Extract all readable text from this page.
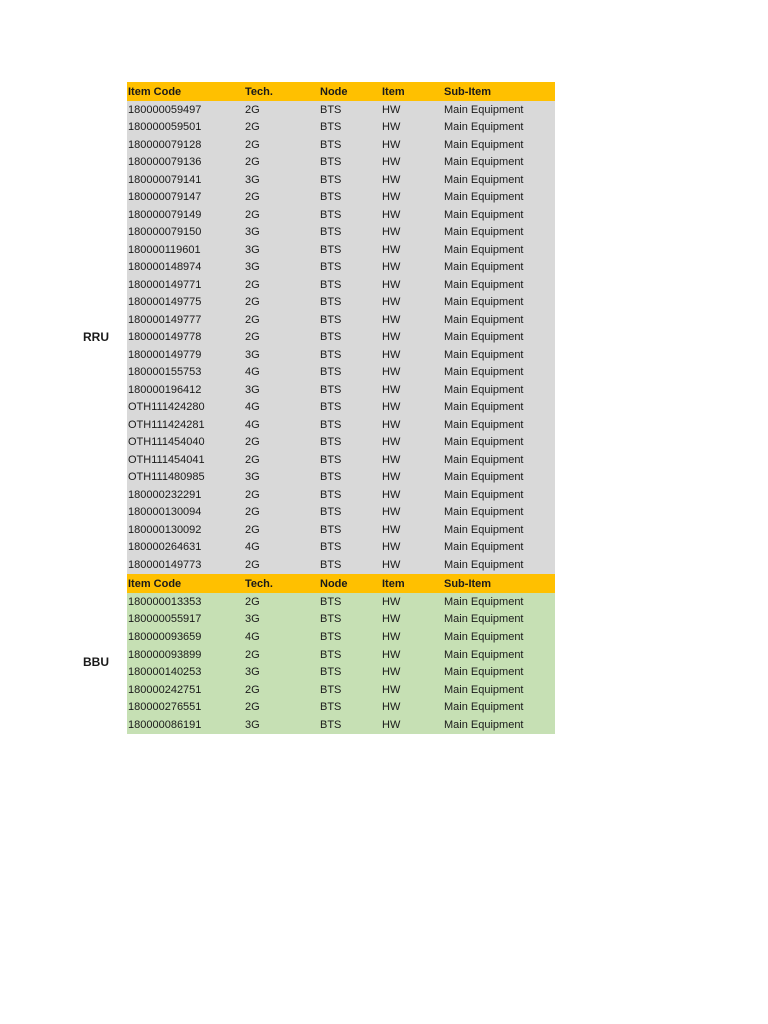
RRU
BBU
Item Code	Tech.	Node	Item	Sub-Item
180000059497	2G	BTS	HW	Main Equipment
180000059501	2G	BTS	HW	Main Equipment
180000079128	2G	BTS	HW	Main Equipment
180000079136	2G	BTS	HW	Main Equipment
180000079141	3G	BTS	HW	Main Equipment
180000079147	2G	BTS	HW	Main Equipment
180000079149	2G	BTS	HW	Main Equipment
180000079150	3G	BTS	HW	Main Equipment
180000119601	3G	BTS	HW	Main Equipment
180000148974	3G	BTS	HW	Main Equipment
180000149771	2G	BTS	HW	Main Equipment
180000149775	2G	BTS	HW	Main Equipment
180000149777	2G	BTS	HW	Main Equipment
180000149778	2G	BTS	HW	Main Equipment
180000149779	3G	BTS	HW	Main Equipment
180000155753	4G	BTS	HW	Main Equipment
180000196412	3G	BTS	HW	Main Equipment
OTH111424280	4G	BTS	HW	Main Equipment
OTH111424281	4G	BTS	HW	Main Equipment
OTH111454040	2G	BTS	HW	Main Equipment
OTH111454041	2G	BTS	HW	Main Equipment
OTH111480985	3G	BTS	HW	Main Equipment
180000232291	2G	BTS	HW	Main Equipment
180000130094	2G	BTS	HW	Main Equipment
180000130092	2G	BTS	HW	Main Equipment
180000264631	4G	BTS	HW	Main Equipment
180000149773	2G	BTS	HW	Main Equipment
Item Code	Tech.	Node	Item	Sub-Item
180000013353	2G	BTS	HW	Main Equipment
180000055917	3G	BTS	HW	Main Equipment
180000093659	4G	BTS	HW	Main Equipment
180000093899	2G	BTS	HW	Main Equipment
180000140253	3G	BTS	HW	Main Equipment
180000242751	2G	BTS	HW	Main Equipment
180000276551	2G	BTS	HW	Main Equipment
180000086191	3G	BTS	HW	Main Equipment
